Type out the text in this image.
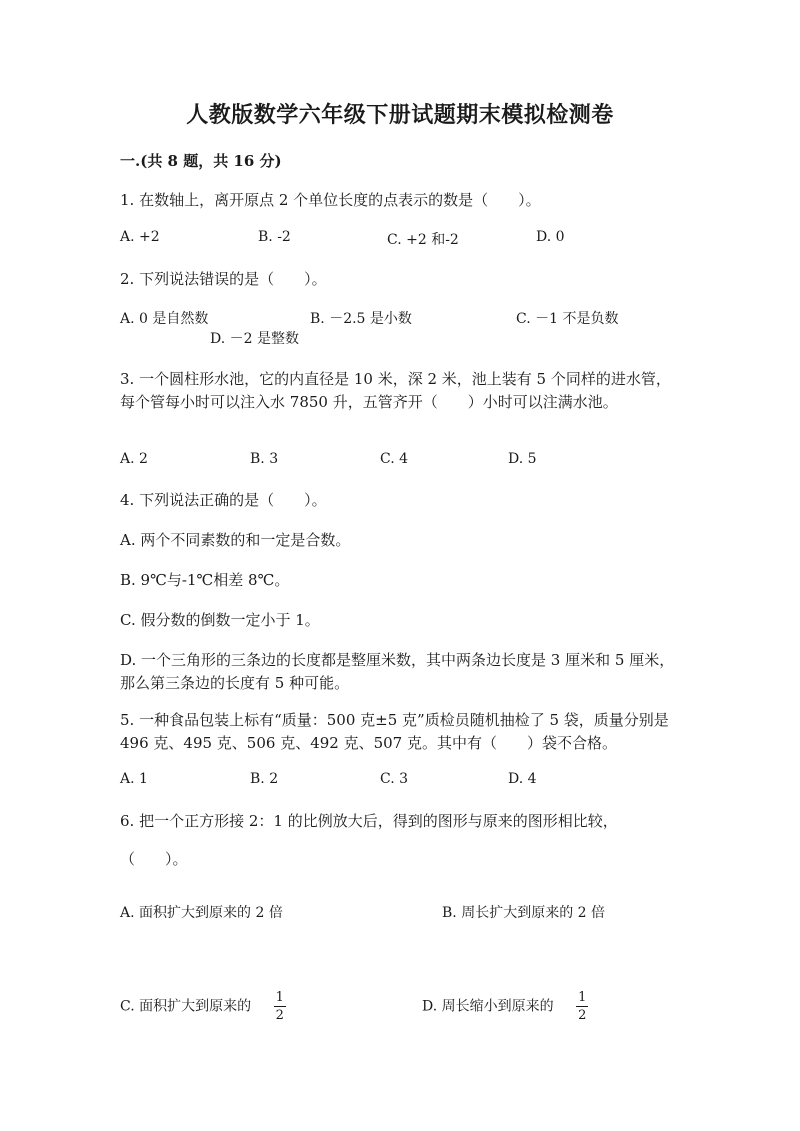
人教版数学六年级下册试题期末模拟检测卷
一.(共 8 题，共 16 分)
1. 在数轴上，离开原点 2 个单位长度的点表示的数是（　　）。
A. +2	B. -2	C. +2 和-2	D. 0
2. 下列说法错误的是（　　）。
A. 0 是自然数	B. －2.5 是小数	C. －1 不是负数
D. －2 是整数
3. 一个圆柱形水池，它的内直径是 10 米，深 2 米，池上装有 5 个同样的进水管，每个管每小时可以注入水 7850 升，五管齐开（　　）小时可以注满水池。
A. 2	B. 3	C. 4	D. 5
4. 下列说法正确的是（　　）。
A. 两个不同素数的和一定是合数。
B. 9℃与-1℃相差 8℃。
C. 假分数的倒数一定小于 1。
D. 一个三角形的三条边的长度都是整厘米数，其中两条边长度是 3 厘米和 5 厘米，那么第三条边的长度有 5 种可能。
5. 一种食品包装上标有“质量：500 克±5 克”质检员随机抽检了 5 袋，质量分别是 496 克、495 克、506 克、492 克、507 克。其中有（　　）袋不合格。
A. 1	B. 2	C. 3	D. 4
6. 把一个正方形接 2：1 的比例放大后，得到的图形与原来的图形相比较，
（　　）。
A. 面积扩大到原来的 2 倍	B. 周长扩大到原来的 2 倍
C. 面积扩大到原来的 $\frac{1}{2}$	D. 周长缩小到原来的 $\frac{1}{2}$
